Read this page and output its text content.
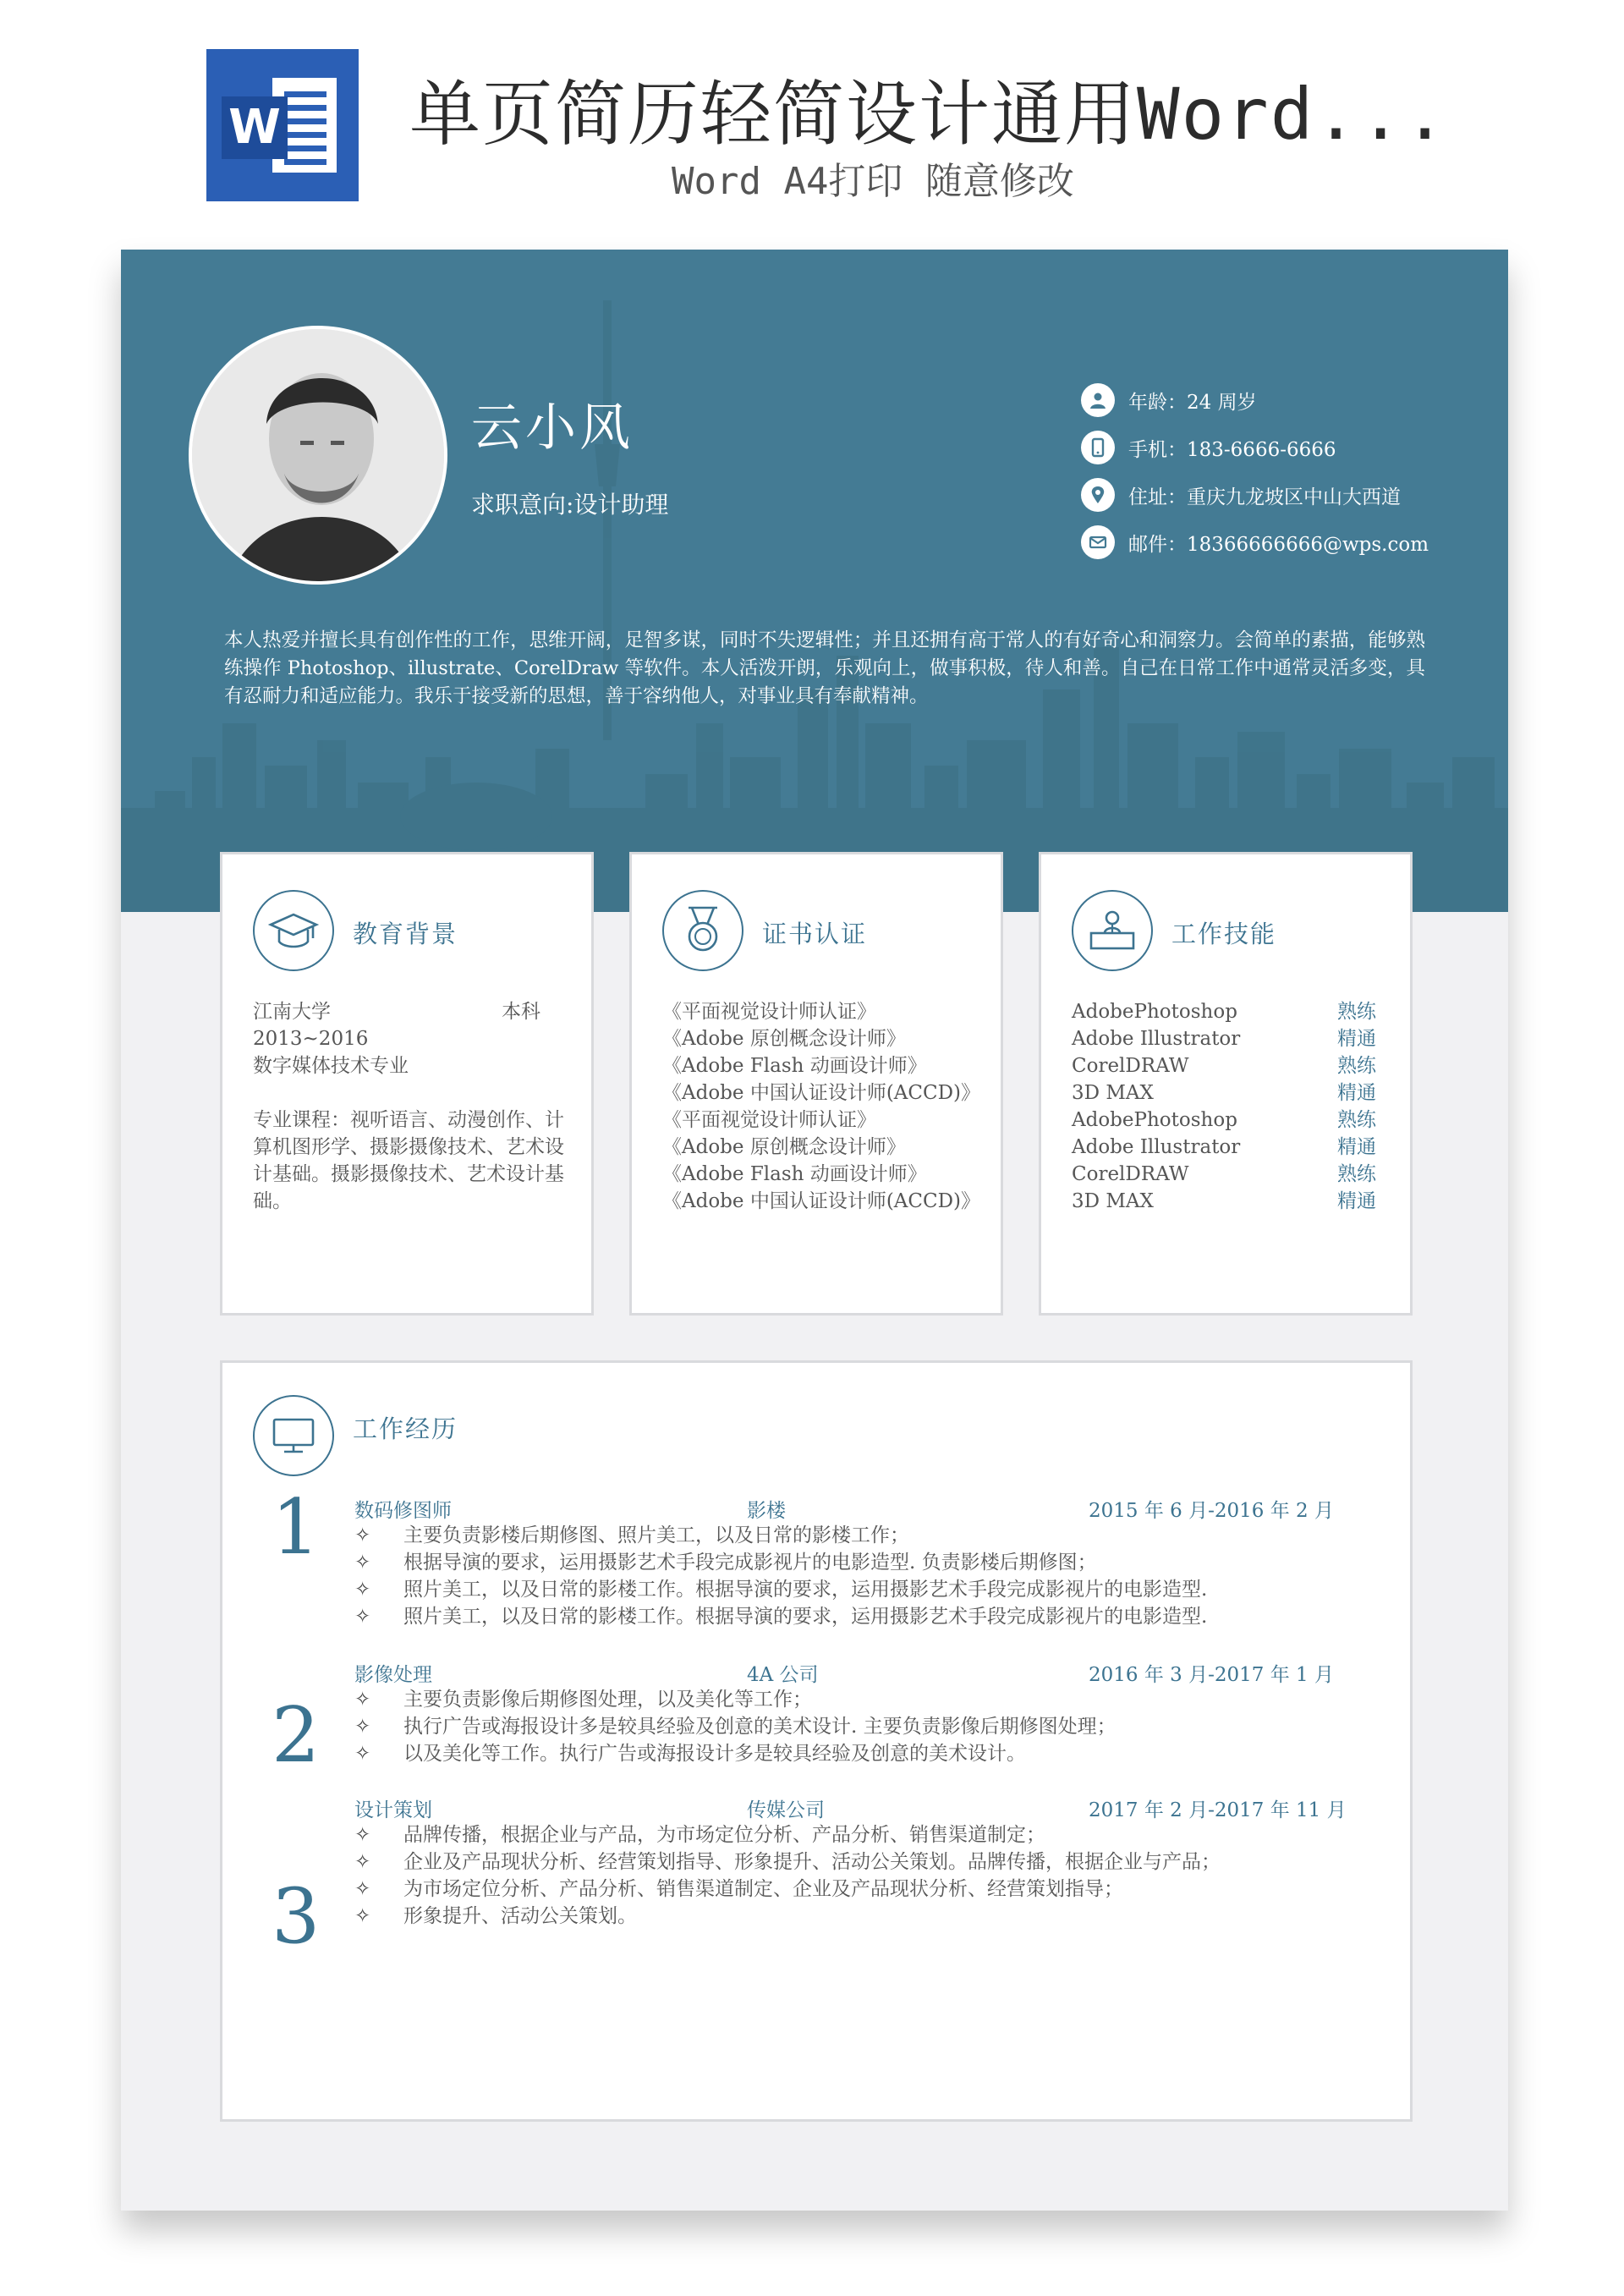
W 单页简历轻简设计通用Word...
Word A4打印 随意修改
云小风
求职意向:设计助理
年龄：24 周岁
手机：183-6666-6666
住址：重庆九龙坡区中山大西道
邮件：18366666666@wps.com
本人热爱并擅长具有创作性的工作，思维开阔，足智多谋，同时不失逻辑性；并且还拥有高于常人的有好奇心和洞察力。会简单的素描，能够熟练操作 Photoshop、illustrate、CorelDraw 等软件。本人活泼开朗，乐观向上，做事积极，待人和善。自己在日常工作中通常灵活多变，具有忍耐力和适应能力。我乐于接受新的思想，善于容纳他人，对事业具有奉献精神。
教育背景
江南大学	本科
2013~2016
数字媒体技术专业
专业课程：视听语言、动漫创作、计算机图形学、摄影摄像技术、艺术设计基础。摄影摄像技术、艺术设计基础。
证书认证
《平面视觉设计师认证》
《Adobe 原创概念设计师》
《Adobe Flash 动画设计师》
《Adobe 中国认证设计师(ACCD)》
《平面视觉设计师认证》
《Adobe 原创概念设计师》
《Adobe Flash 动画设计师》
《Adobe 中国认证设计师(ACCD)》
工作技能
AdobePhotoshop	熟练
Adobe Illustrator	精通
CorelDRAW	熟练
3D MAX	精通
AdobePhotoshop	熟练
Adobe Illustrator	精通
CorelDRAW	熟练
3D MAX	精通
工作经历
1 数码修图师	影楼	2015 年 6 月-2016 年 2 月
✧ 主要负责影楼后期修图、照片美工，以及日常的影楼工作；
✧ 根据导演的要求，运用摄影艺术手段完成影视片的电影造型. 负责影楼后期修图；
✧ 照片美工，以及日常的影楼工作。根据导演的要求，运用摄影艺术手段完成影视片的电影造型.
✧ 照片美工，以及日常的影楼工作。根据导演的要求，运用摄影艺术手段完成影视片的电影造型.
2
影像处理	4A 公司	2016 年 3 月-2017 年 1 月
✧ 主要负责影像后期修图处理，以及美化等工作；
✧ 执行广告或海报设计多是较具经验及创意的美术设计. 主要负责影像后期修图处理；
✧ 以及美化等工作。执行广告或海报设计多是较具经验及创意的美术设计。
3
设计策划	传媒公司	2017 年 2 月-2017 年 11 月
✧ 品牌传播，根据企业与产品，为市场定位分析、产品分析、销售渠道制定；
✧ 企业及产品现状分析、经营策划指导、形象提升、活动公关策划。品牌传播，根据企业与产品；
✧ 为市场定位分析、产品分析、销售渠道制定、企业及产品现状分析、经营策划指导；
✧ 形象提升、活动公关策划。
